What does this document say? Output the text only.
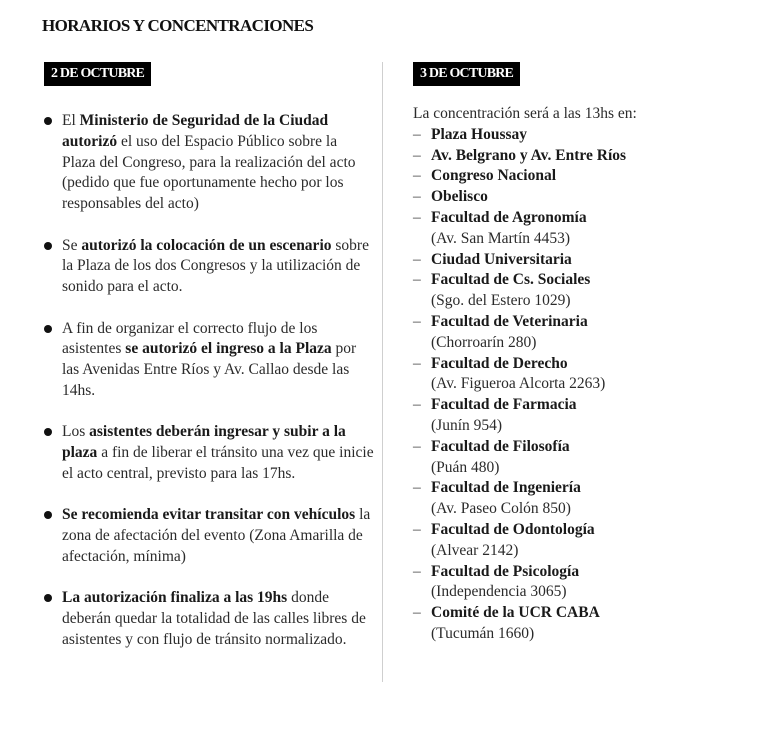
HORARIOS Y CONCENTRACIONES
2 DE OCTUBRE
El Ministerio de Seguridad de la Ciudad autorizó el uso del Espacio Público sobre la Plaza del Congreso, para la realización del acto (pedido que fue oportunamente hecho por los responsables del acto)
Se autorizó la colocación de un escenario sobre la Plaza de los dos Congresos y la utilización de sonido para el acto.
A fin de organizar el correcto flujo de los asistentes se autorizó el ingreso a la Plaza por las Avenidas Entre Ríos y Av. Callao desde las 14hs.
Los asistentes deberán ingresar y subir a la plaza a fin de liberar el tránsito una vez que inicie el acto central, previsto para las 17hs.
Se recomienda evitar transitar con vehículos la zona de afectación del evento (Zona Amarilla de afectación, mínima)
La autorización finaliza a las 19hs donde deberán quedar la totalidad de las calles libres de asistentes y con flujo de tránsito normalizado.
3 DE OCTUBRE

La concentración será a las 13hs en:

– Plaza Houssay
– Av. Belgrano y Av. Entre Ríos
– Congreso Nacional
– Obelisco
– Facultad de Agronomía
(Av. San Martín 4453)
– Ciudad Universitaria
– Facultad de Cs. Sociales
(Sgo. del Estero 1029)
– Facultad de Veterinaria
(Chorroarín 280)
– Facultad de Derecho
(Av. Figueroa Alcorta 2263)
– Facultad de Farmacia
(Junín 954)
– Facultad de Filosofía
(Puán 480)
– Facultad de Ingeniería
(Av. Paseo Colón 850)
– Facultad de Odontología
(Alvear 2142)
– Facultad de Psicología
(Independencia 3065)
– Comité de la UCR CABA
(Tucumán 1660)
